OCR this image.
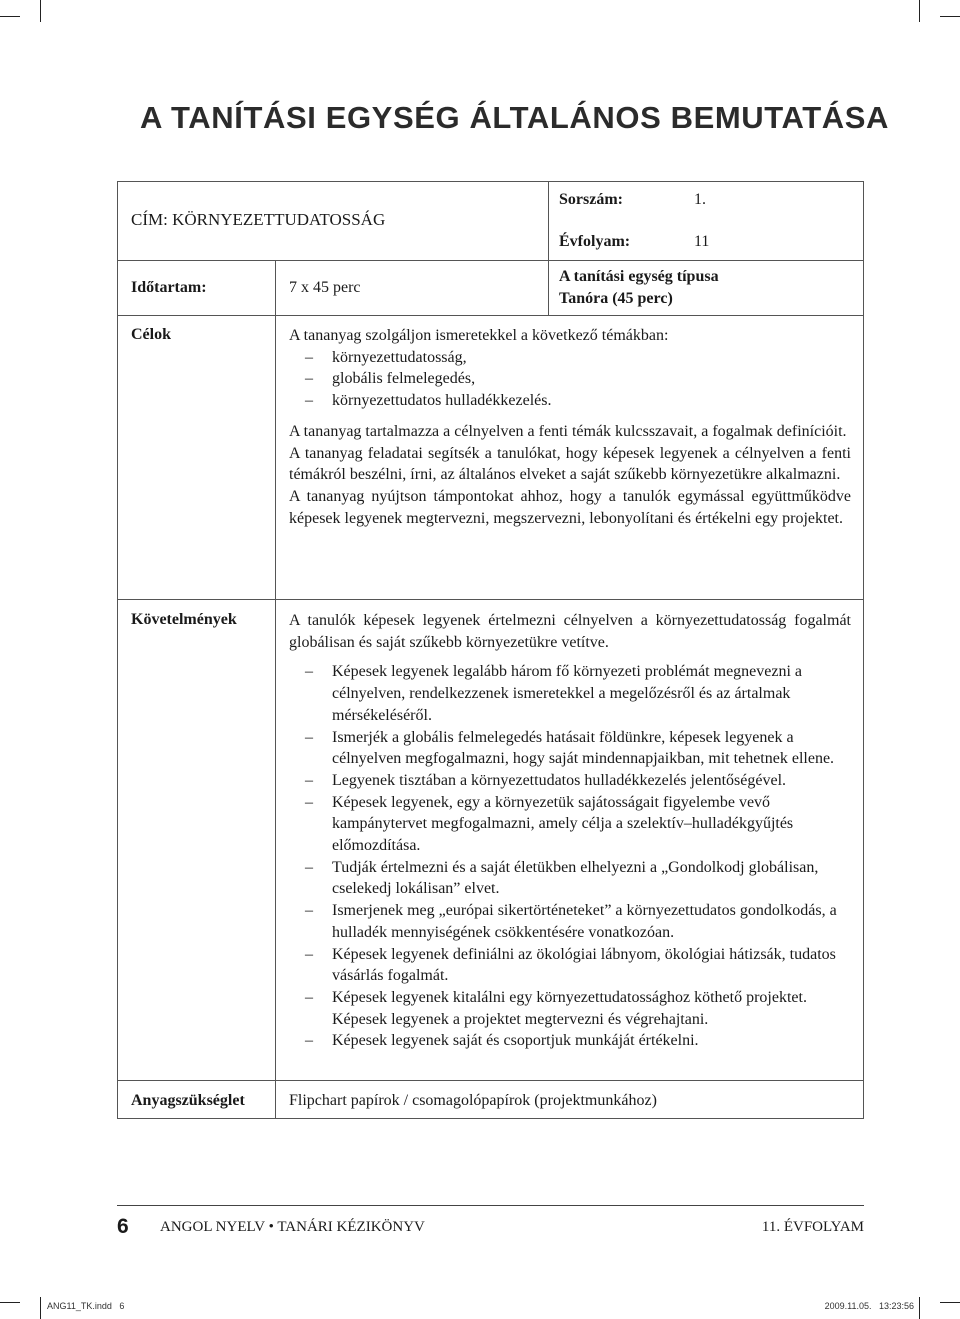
A TANÍTÁSI EGYSÉG ÁLTALÁNOS BEMUTATÁSA
CÍM: KÖRNYEZETTUDATOSSÁG
Sorszám:	1.
Évfolyam:	11
Időtartam:	7 x 45 perc
A tanítási egység típusa
Tanóra (45 perc)
Célok	A tananyag szolgáljon ismeretekkel a következő témákban:

– környezettudatosság,
– globális felmelegedés,
– környezettudatos hulladékkezelés.

A tananyag tartalmazza a célnyelven a fenti témák kulcsszavait, a fogalmak definícióit.

A tananyag feladatai segítsék a tanulókat, hogy képesek legyenek a célnyelven a fenti témákról beszélni, írni, az általános elveket a saját szűkebb környezetükre alkalmazni.

A tananyag nyújtson támpontokat ahhoz, hogy a tanulók egymással együttműködve képesek legyenek megtervezni, megszervezni, lebonyolítani és értékelni egy projektet.

Követelmények	A tanulók képesek legyenek értelmezni célnyelven a környezettudatosság fogalmát globálisan és saját szűkebb környezetükre vetítve.

– Képesek legyenek legalább három fő környezeti problémát megnevezni a célnyelven, rendelkezzenek ismeretekkel a megelőzésről és az ártalmak mérsékeléséről.
– Ismerjék a globális felmelegedés hatásait földünkre, képesek legyenek a célnyelven megfogalmazni, hogy saját mindennapjaikban, mit tehetnek ellene.
– Legyenek tisztában a környezettudatos hulladékkezelés jelentőségével.
– Képesek legyenek, egy a környezetük sajátosságait figyelembe vevő kampánytervet megfogalmazni, amely célja a szelektív–hulladékgyűjtés előmozdítása.
– Tudják értelmezni és a saját életükben elhelyezni a „Gondolkodj globálisan, cselekedj lokálisan” elvet.
– Ismerjenek meg „európai sikertörténeteket” a környezettudatos gondolkodás, a hulladék mennyiségének csökkentésére vonatkozóan.
– Képesek legyenek definiálni az ökológiai lábnyom, ökológiai hátizsák, tudatos vásárlás fogalmát.
– Képesek legyenek kitalálni egy környezettudatossághoz köthető projektet. Képesek legyenek a projektet megtervezni és végrehajtani.
– Képesek legyenek saját és csoportjuk munkáját értékelni.
Anyagszükséglet	Flipchart papírok / csomagolópapírok (projektmunkához)
6 ANGOL NYELV • TANÁRI KÉZIKÖNYV	11. ÉVFOLYAM
ANG11_TK.indd   6	2009.11.05.   13:23:56
